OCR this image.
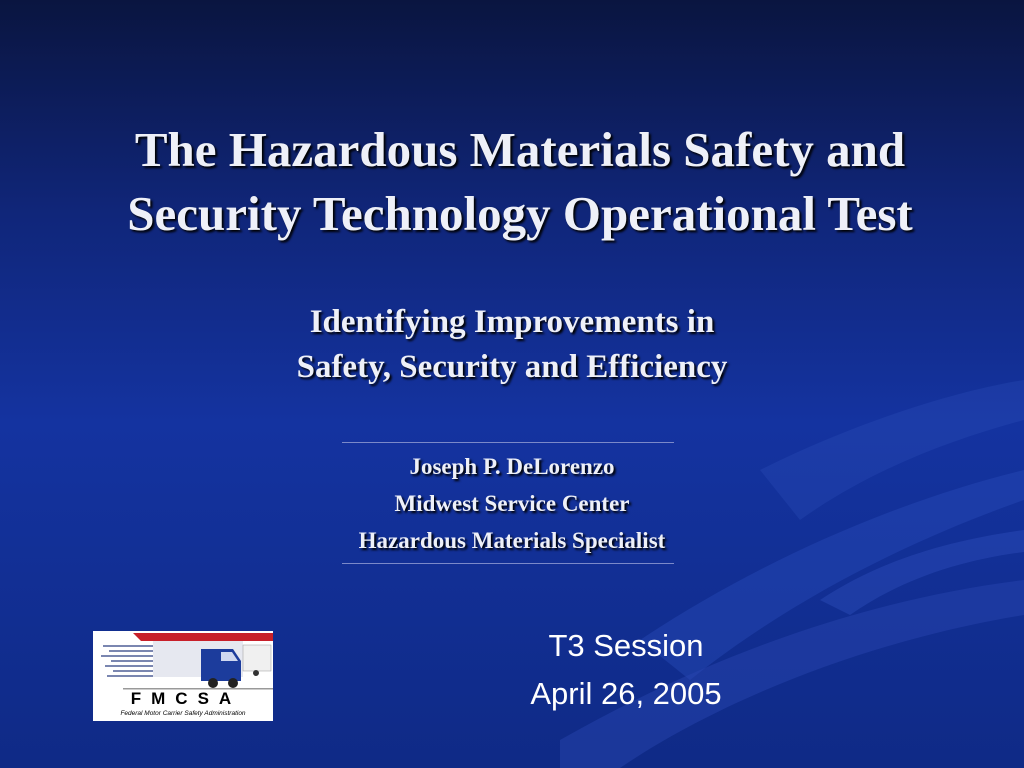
The Hazardous Materials Safety and
Security Technology Operational Test
Identifying Improvements in
Safety, Security and Efficiency
Joseph P. DeLorenzo
Midwest Service Center
Hazardous Materials Specialist
FMCSA
Federal Motor Carrier Safety Administration
T3 Session
April 26, 2005
